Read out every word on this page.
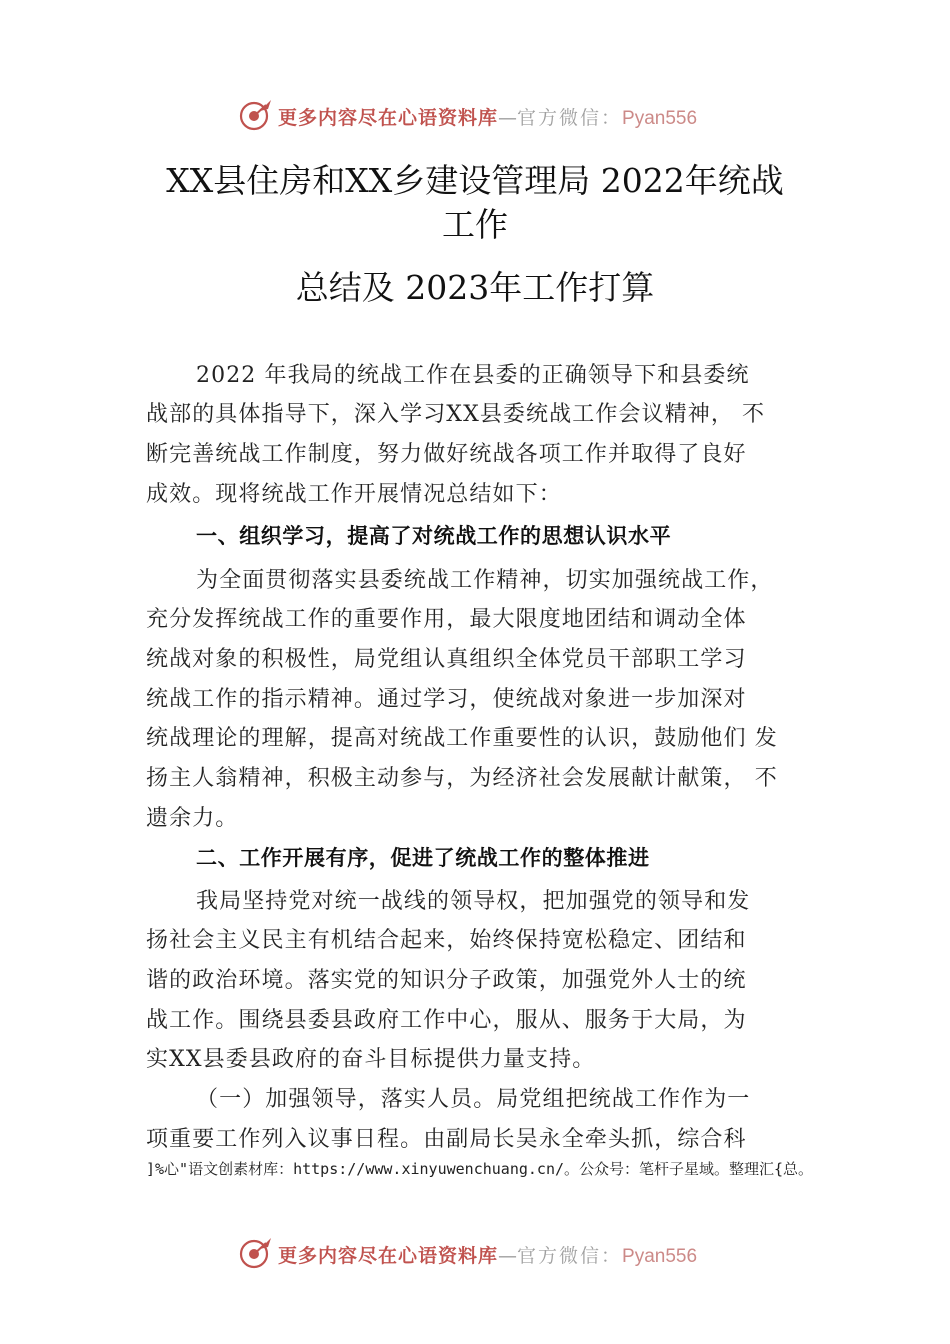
更多内容尽在心语资料库—官方微信：Pyan556
XX县住房和XX乡建设管理局 2022年统战
工作
总结及 2023年工作打算
2022 年我局的统战工作在县委的正确领导下和县委统
战部的具体指导下，深入学习XX县委统战工作会议精神， 不
断完善统战工作制度，努力做好统战各项工作并取得了良好
成效。现将统战工作开展情况总结如下：
一、组织学习，提高了对统战工作的思想认识水平
为全面贯彻落实县委统战工作精神，切实加强统战工作，
充分发挥统战工作的重要作用，最大限度地团结和调动全体
统战对象的积极性，局党组认真组织全体党员干部职工学习
统战工作的指示精神。通过学习，使统战对象进一步加深对
统战理论的理解，提高对统战工作重要性的认识，鼓励他们 发
扬主人翁精神，积极主动参与，为经济社会发展献计献策， 不
遗余力。
二、工作开展有序，促进了统战工作的整体推进
我局坚持党对统一战线的领导权，把加强党的领导和发
扬社会主义民主有机结合起来，始终保持宽松稳定、团结和
谐的政治环境。落实党的知识分子政策，加强党外人士的统
战工作。围绕县委县政府工作中心，服从、服务于大局，为
实XX县委县政府的奋斗目标提供力量支持。
（一）加强领导，落实人员。局党组把统战工作作为一
项重要工作列入议事日程。由副局长吴永全牵头抓，综合科
]%心"语文创素材库：https://www.xinyuwenchuang.cn/。公众号：笔杆子星域。整理汇{总。
更多内容尽在心语资料库—官方微信：Pyan556
